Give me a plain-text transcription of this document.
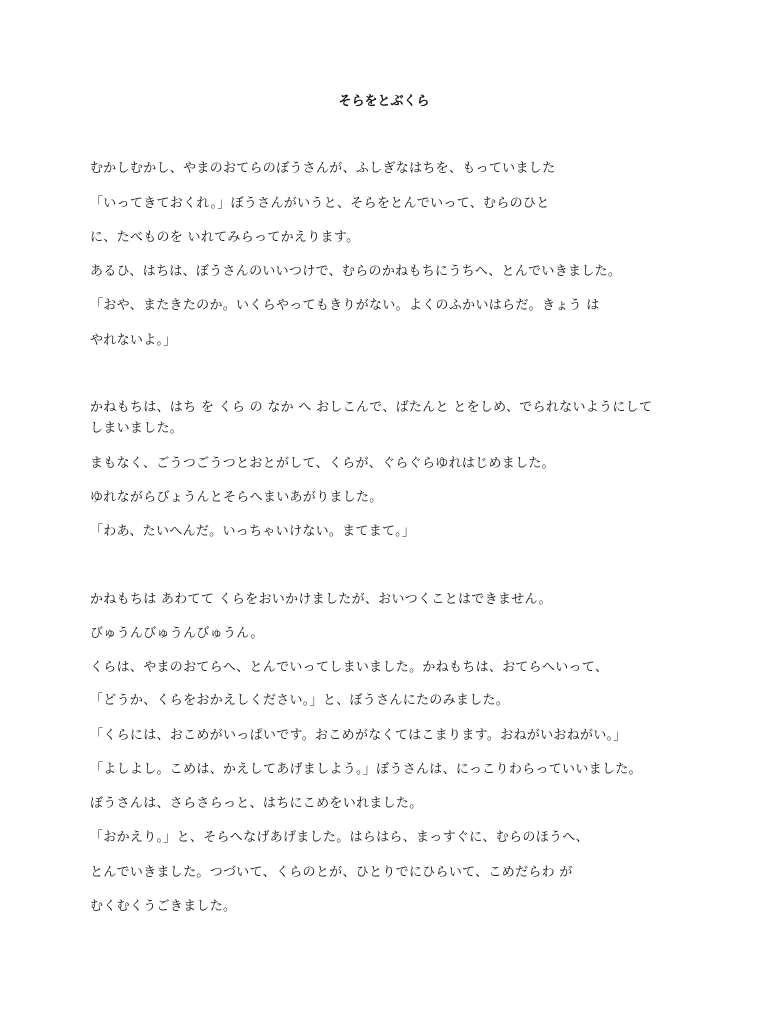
そらをとぶくら
むかしむかし、やまのおてらのぼうさんが、ふしぎなはちを、もっていました
「いってきておくれ。」ぼうさんがいうと、そらをとんでいって、むらのひと
に、たべものを いれてみらってかえります。
あるひ、はちは、ぼうさんのいいつけで、むらのかねもちにうちへ、とんでいきました。
「おや、またきたのか。いくらやってもきりがない。よくのふかいはらだ。きょう は
やれないよ。」
かねもちは、はち を くら の なか へ おしこんで、ばたんと とをしめ、でられないようにして
しまいました。
まもなく、ごうつごうつとおとがして、くらが、ぐらぐらゆれはじめました。
ゆれながらびょうんとそらへまいあがりました。
「わあ、たいへんだ。いっちゃいけない。まてまて。」
かねもちは あわてて くらをおいかけましたが、おいつくことはできません。
びゅうんびゅうんびゅうん。
くらは、やまのおてらへ、とんでいってしまいました。かねもちは、おてらへいって、
「どうか、くらをおかえしください。」と、ぼうさんにたのみました。
「くらには、おこめがいっぱいです。おこめがなくてはこまります。おねがいおねがい。」
「よしよし。こめは、かえしてあげましよう。」ぼうさんは、にっこりわらっていいました。
ぼうさんは、さらさらっと、はちにこめをいれました。
「おかえり。」と、そらへなげあげました。はらはら、まっすぐに、むらのほうへ、
とんでいきました。つづいて、くらのとが、ひとりでにひらいて、こめだらわ が
むくむくうごきました。
